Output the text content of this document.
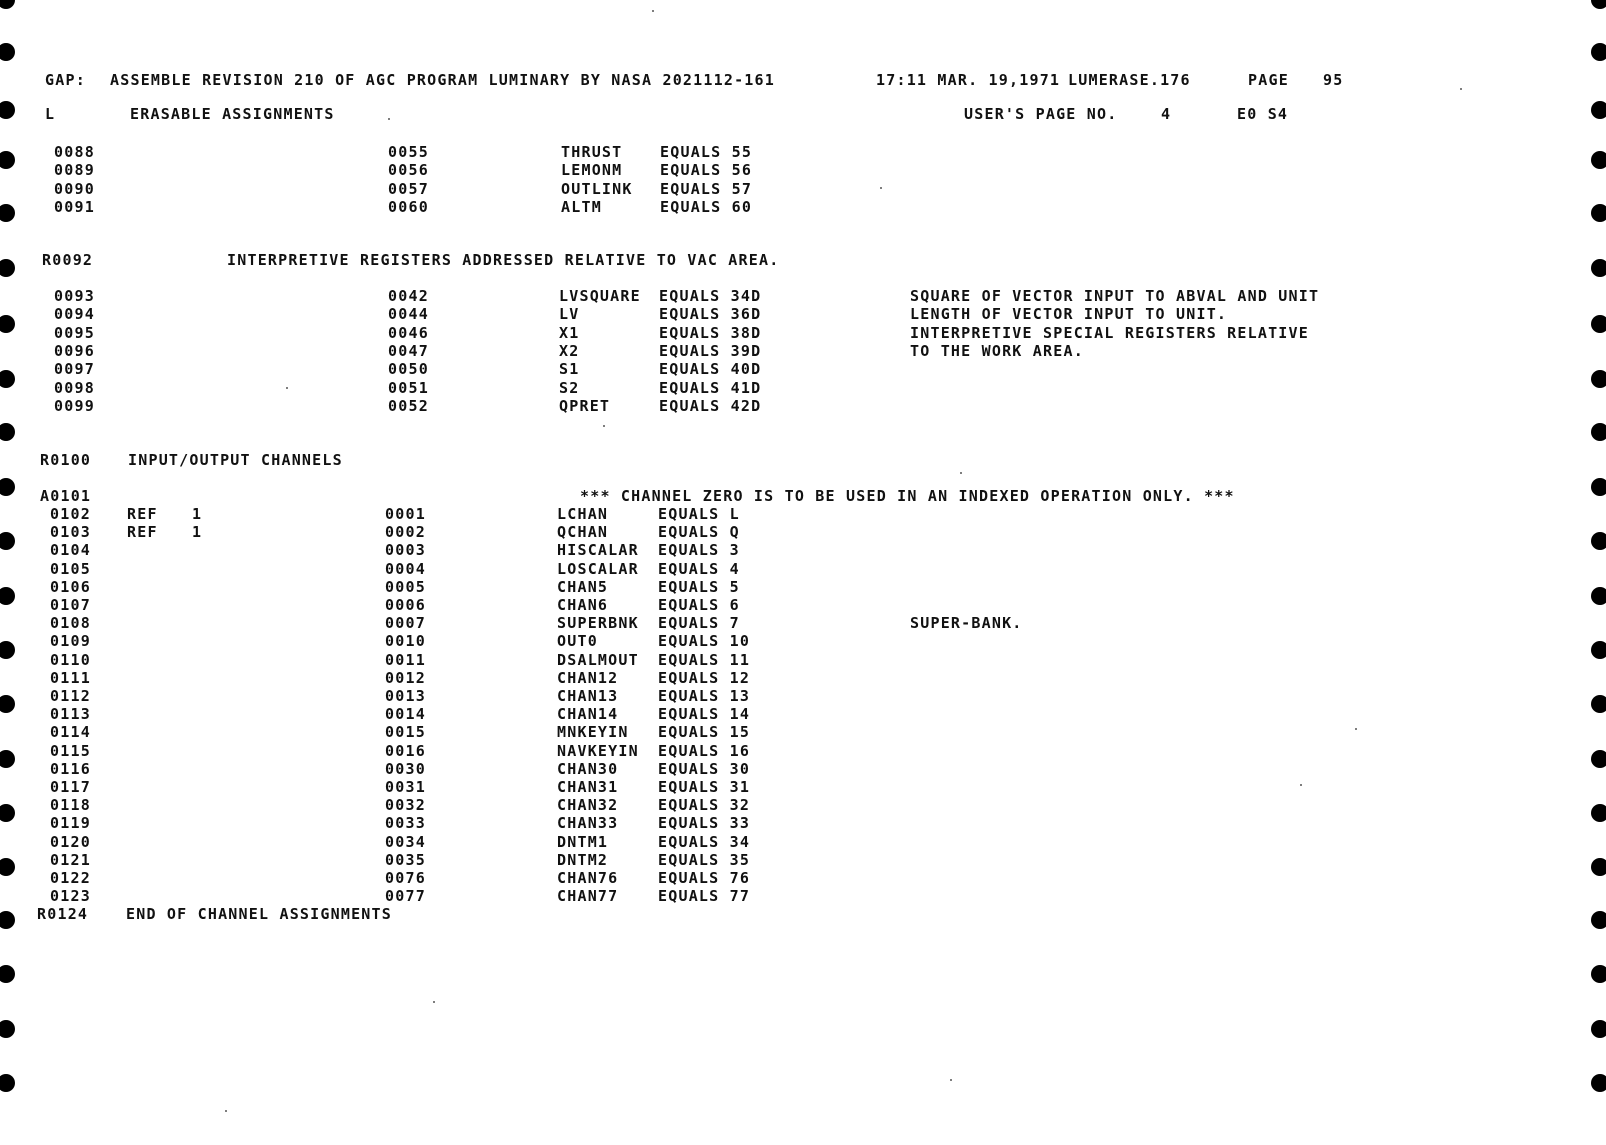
GAP:

ASSEMBLE REVISION 210 OF AGC PROGRAM LUMINARY BY NASA 2021112-161

	17:11 MAR. 19,1971

LUMERASE.176

	PAGE

95

L

	ERASABLE ASSIGNMENTS

	USER'S PAGE NO.

	4

	E0 S4

0088	0055	THRUST	EQUALS 55
0089	0056	LEMONM	EQUALS 56
0090	0057	OUTLINK EQUALS 57
0091	0060	ALTM	EQUALS 60

R0092

	INTERPRETIVE REGISTERS ADDRESSED RELATIVE TO VAC AREA.

0093	0042	LVSQUARE EQUALS 34D	SQUARE OF VECTOR INPUT TO ABVAL AND UNIT
0094	0044	LV	EQUALS 36D	LENGTH OF VECTOR INPUT TO UNIT.
0095	0046	X1	EQUALS 38D	INTERPRETIVE SPECIAL REGISTERS RELATIVE
0096	0047	X2	EQUALS 39D	TO THE WORK AREA.
0097	0050	S1	EQUALS 40D
0098	0051	S2	EQUALS 41D
0099	0052	QPRET	EQUALS 42D

R0100

INPUT/OUTPUT CHANNELS

A0101

	*** CHANNEL ZERO IS TO BE USED IN AN INDEXED OPERATION ONLY. ***

0102 REF 1	0001	LCHAN	EQUALS L
0103 REF 1	0002	QCHAN	EQUALS Q
0104	0003	HISCALAR EQUALS 3
0105	0004	LOSCALAR EQUALS 4
0106	0005	CHAN5	EQUALS 5
0107	0006	CHAN6	EQUALS 6
0108	0007	SUPERBNK EQUALS 7	SUPER-BANK.
0109	0010	OUT0	EQUALS 10
0110	0011	DSALMOUT EQUALS 11
0111	0012	CHAN12	EQUALS 12
0112	0013	CHAN13	EQUALS 13
0113	0014	CHAN14	EQUALS 14
0114	0015	MNKEYIN EQUALS 15
0115	0016	NAVKEYIN EQUALS 16
0116	0030	CHAN30	EQUALS 30
0117	0031	CHAN31	EQUALS 31
0118	0032	CHAN32	EQUALS 32
0119	0033	CHAN33	EQUALS 33
0120	0034	DNTM1	EQUALS 34
0121	0035	DNTM2	EQUALS 35
0122	0076	CHAN76	EQUALS 76
0123	0077	CHAN77	EQUALS 77

R0124

	END OF CHANNEL ASSIGNMENTS
